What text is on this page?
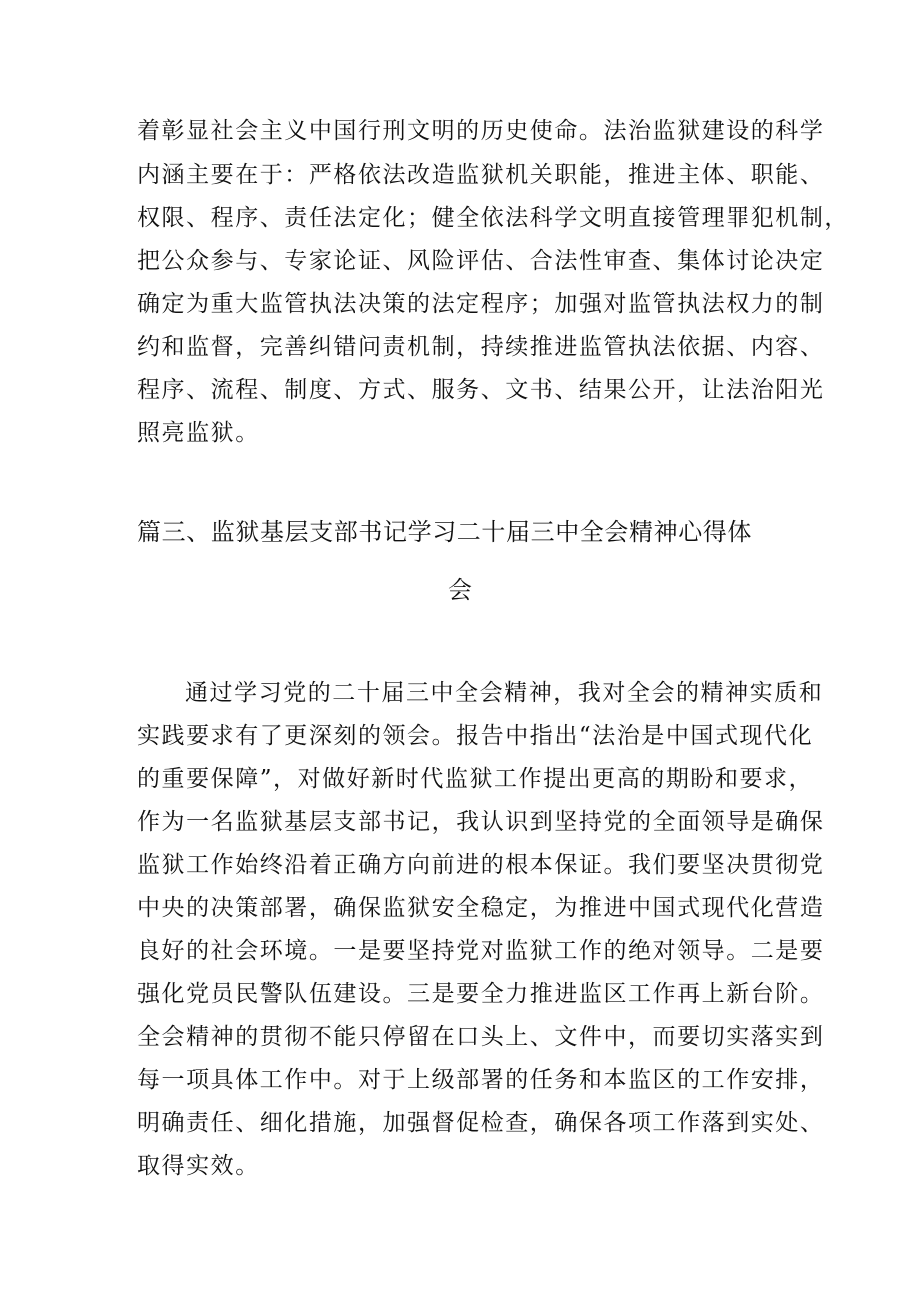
着彰显社会主义中国行刑文明的历史使命。法治监狱建设的科学
内涵主要在于：严格依法改造监狱机关职能，推进主体、职能、
权限、程序、责任法定化；健全依法科学文明直接管理罪犯机制，
把公众参与、专家论证、风险评估、合法性审查、集体讨论决定
确定为重大监管执法决策的法定程序；加强对监管执法权力的制
约和监督，完善纠错问责机制，持续推进监管执法依据、内容、
程序、流程、制度、方式、服务、文书、结果公开，让法治阳光
照亮监狱。
篇三、监狱基层支部书记学习二十届三中全会精神心得体
会
通过学习党的二十届三中全会精神，我对全会的精神实质和
实践要求有了更深刻的领会。报告中指出“法治是中国式现代化
的重要保障”，对做好新时代监狱工作提出更高的期盼和要求，
作为一名监狱基层支部书记，我认识到坚持党的全面领导是确保
监狱工作始终沿着正确方向前进的根本保证。我们要坚决贯彻党
中央的决策部署，确保监狱安全稳定，为推进中国式现代化营造
良好的社会环境。一是要坚持党对监狱工作的绝对领导。二是要
强化党员民警队伍建设。三是要全力推进监区工作再上新台阶。
全会精神的贯彻不能只停留在口头上、文件中，而要切实落实到
每一项具体工作中。对于上级部署的任务和本监区的工作安排，
明确责任、细化措施，加强督促检查，确保各项工作落到实处、
取得实效。
